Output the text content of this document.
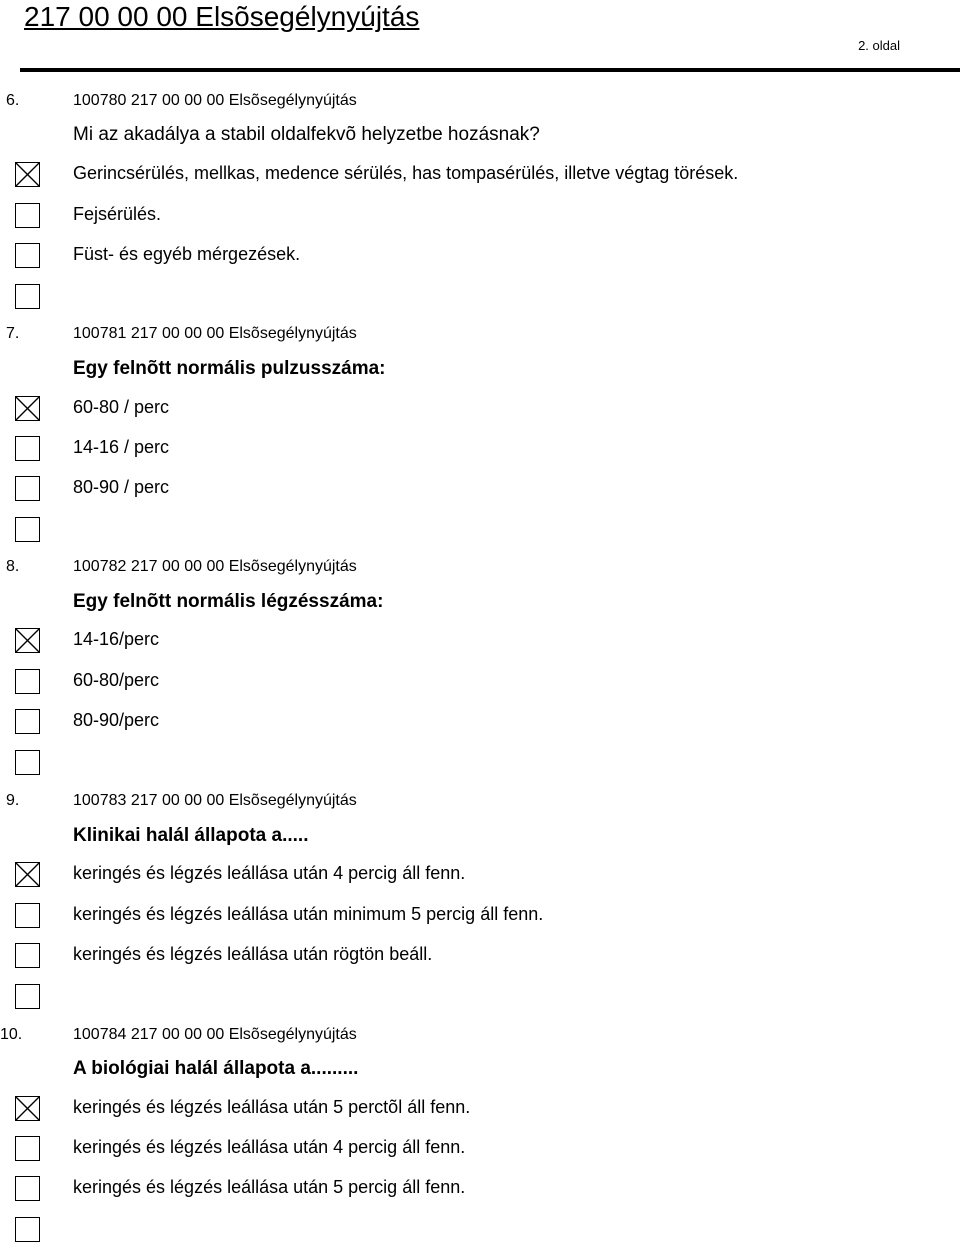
217 00 00 00 Elsõsegélynyújtás
2. oldal
6.	100780 217 00 00 00 Elsõsegélynyújtás
Mi az akadálya a stabil oldalfekvõ helyzetbe hozásnak?
Gerincsérülés, mellkas, medence sérülés, has tompasérülés, illetve végtag törések.
Fejsérülés.
Füst- és egyéb mérgezések.
7.	100781 217 00 00 00 Elsõsegélynyújtás
Egy felnõtt normális pulzusszáma:
60-80 / perc
14-16 / perc
80-90 / perc
8.	100782 217 00 00 00 Elsõsegélynyújtás
Egy felnõtt normális légzésszáma:
14-16/perc
60-80/perc
80-90/perc
9.	100783 217 00 00 00 Elsõsegélynyújtás
Klinikai halál állapota a.....
keringés és légzés leállása után 4 percig áll fenn.
keringés és légzés leállása után minimum 5 percig áll fenn.
keringés és légzés leállása után rögtön beáll.
10.	100784 217 00 00 00 Elsõsegélynyújtás
A biológiai halál állapota a.........
keringés és légzés leállása után 5 perctõl áll fenn.
keringés és légzés leállása után 4 percig áll fenn.
keringés és légzés leállása után 5 percig áll fenn.
